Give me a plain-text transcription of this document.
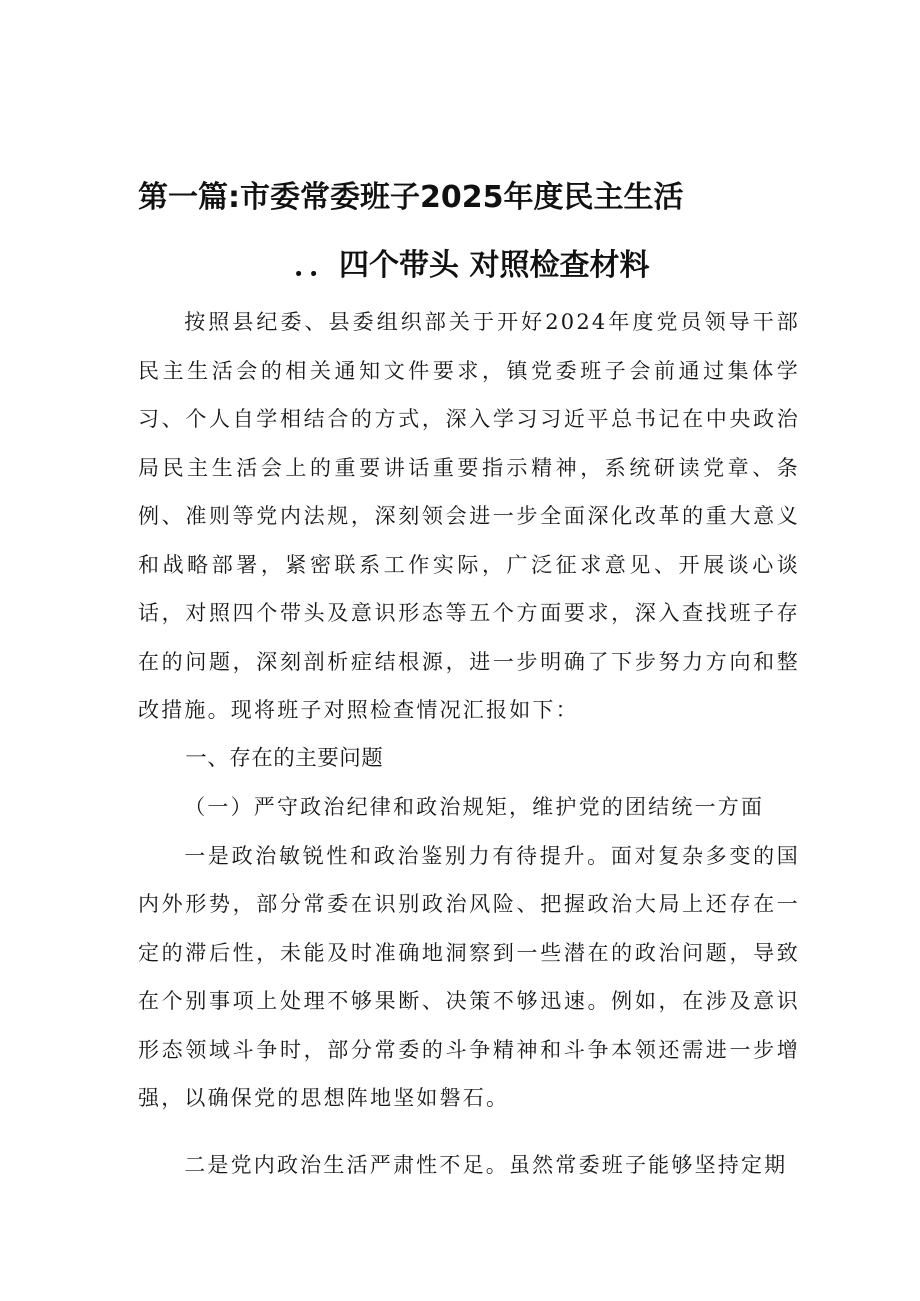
第一篇:市委常委班子2025年度民主生活
．．四个带头 对照检查材料

按照县纪委、县委组织部关于开好2024年度党员领导干部民主生活会的相关通知文件要求，镇党委班子会前通过集体学习、个人自学相结合的方式，深入学习习近平总书记在中央政治局民主生活会上的重要讲话重要指示精神，系统研读党章、条例、准则等党内法规，深刻领会进一步全面深化改革的重大意义和战略部署，紧密联系工作实际，广泛征求意见、开展谈心谈话，对照四个带头及意识形态等五个方面要求，深入查找班子存在的问题，深刻剖析症结根源，进一步明确了下步努力方向和整改措施。现将班子对照检查情况汇报如下：

一、存在的主要问题

（一）严守政治纪律和政治规矩，维护党的团结统一方面

一是政治敏锐性和政治鉴别力有待提升。面对复杂多变的国内外形势，部分常委在识别政治风险、把握政治大局上还存在一定的滞后性，未能及时准确地洞察到一些潜在的政治问题，导致在个别事项上处理不够果断、决策不够迅速。例如，在涉及意识形态领域斗争时，部分常委的斗争精神和斗争本领还需进一步增强，以确保党的思想阵地坚如磐石。

二是党内政治生活严肃性不足。虽然常委班子能够坚持定期
